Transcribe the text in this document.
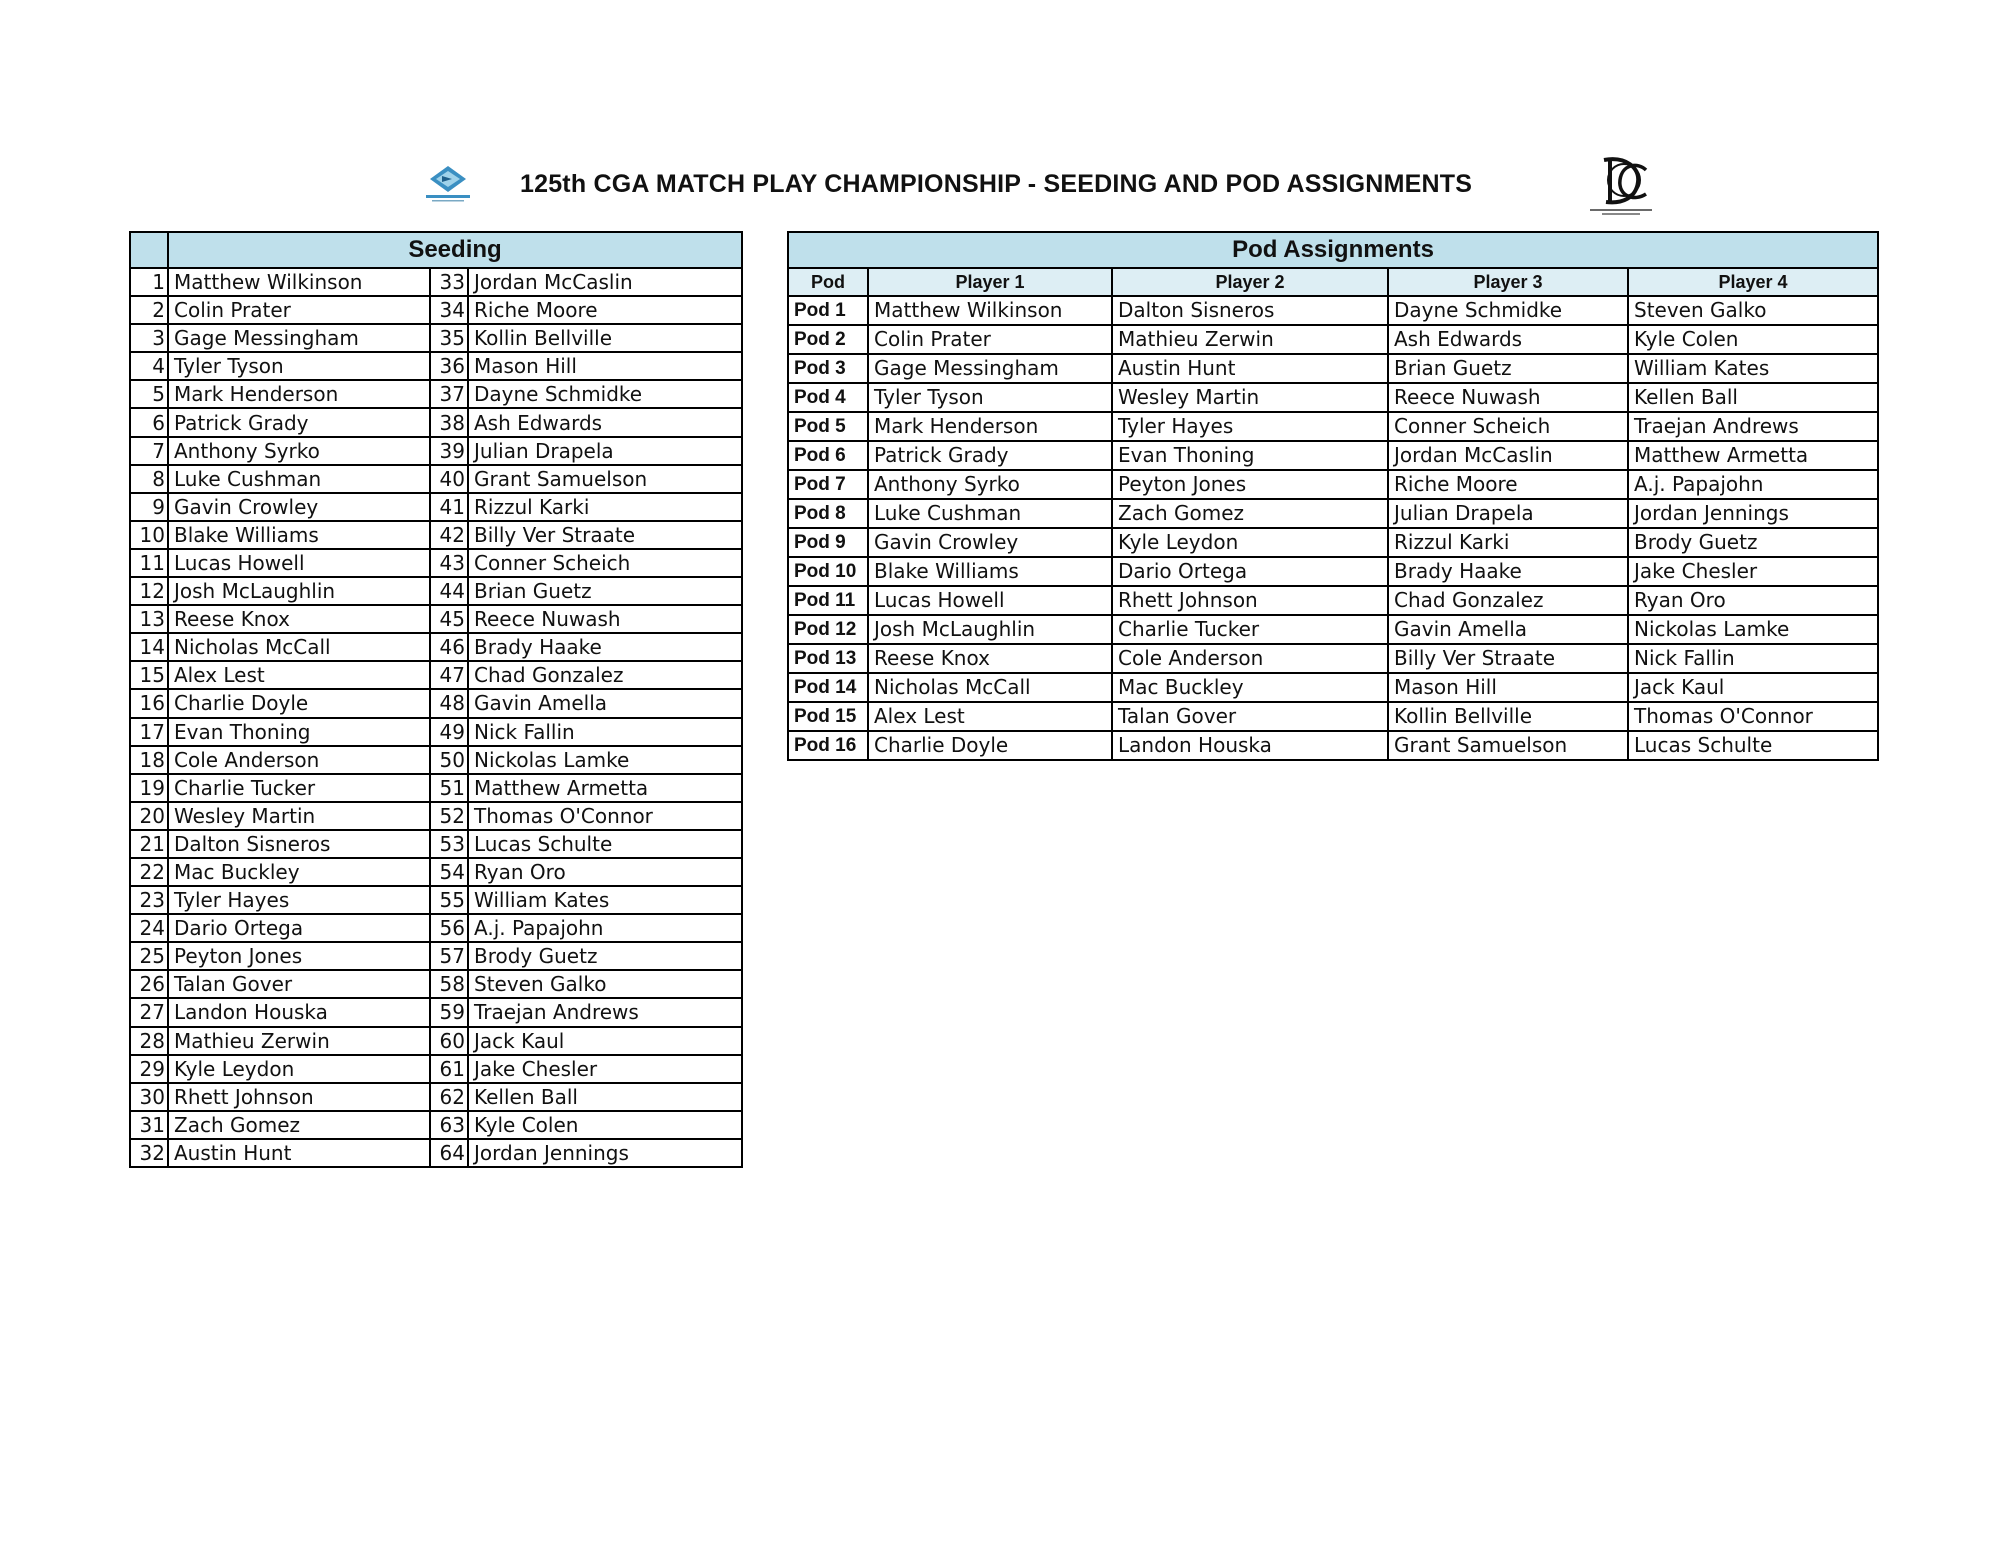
125th CGA MATCH PLAY CHAMPIONSHIP - SEEDING AND POD ASSIGNMENTS
	Seeding		
1	Matthew Wilkinson	33	Jordan McCaslin
2	Colin Prater	34	Riche Moore
3	Gage Messingham	35	Kollin Bellville
4	Tyler Tyson	36	Mason Hill
5	Mark Henderson	37	Dayne Schmidke
6	Patrick Grady	38	Ash Edwards
7	Anthony Syrko	39	Julian Drapela
8	Luke Cushman	40	Grant Samuelson
9	Gavin Crowley	41	Rizzul Karki
10	Blake Williams	42	Billy Ver Straate
11	Lucas Howell	43	Conner Scheich
12	Josh McLaughlin	44	Brian Guetz
13	Reese Knox	45	Reece Nuwash
14	Nicholas McCall	46	Brady Haake
15	Alex Lest	47	Chad Gonzalez
16	Charlie Doyle	48	Gavin Amella
17	Evan Thoning	49	Nick Fallin
18	Cole Anderson	50	Nickolas Lamke
19	Charlie Tucker	51	Matthew Armetta
20	Wesley Martin	52	Thomas O'Connor
21	Dalton Sisneros	53	Lucas Schulte
22	Mac Buckley	54	Ryan Oro
23	Tyler Hayes	55	William Kates
24	Dario Ortega	56	A.j. Papajohn
25	Peyton Jones	57	Brody Guetz
26	Talan Gover	58	Steven Galko
27	Landon Houska	59	Traejan Andrews
28	Mathieu Zerwin	60	Jack Kaul
29	Kyle Leydon	61	Jake Chesler
30	Rhett Johnson	62	Kellen Ball
31	Zach Gomez	63	Kyle Colen
32	Austin Hunt	64	Jordan Jennings
Pod Assignments				
Pod	Player 1	Player 2	Player 3	Player 4
Pod 1	Matthew Wilkinson	Dalton Sisneros	Dayne Schmidke	Steven Galko
Pod 2	Colin Prater	Mathieu Zerwin	Ash Edwards	Kyle Colen
Pod 3	Gage Messingham	Austin Hunt	Brian Guetz	William Kates
Pod 4	Tyler Tyson	Wesley Martin	Reece Nuwash	Kellen Ball
Pod 5	Mark Henderson	Tyler Hayes	Conner Scheich	Traejan Andrews
Pod 6	Patrick Grady	Evan Thoning	Jordan McCaslin	Matthew Armetta
Pod 7	Anthony Syrko	Peyton Jones	Riche Moore	A.j. Papajohn
Pod 8	Luke Cushman	Zach Gomez	Julian Drapela	Jordan Jennings
Pod 9	Gavin Crowley	Kyle Leydon	Rizzul Karki	Brody Guetz
Pod 10	Blake Williams	Dario Ortega	Brady Haake	Jake Chesler
Pod 11	Lucas Howell	Rhett Johnson	Chad Gonzalez	Ryan Oro
Pod 12	Josh McLaughlin	Charlie Tucker	Gavin Amella	Nickolas Lamke
Pod 13	Reese Knox	Cole Anderson	Billy Ver Straate	Nick Fallin
Pod 14	Nicholas McCall	Mac Buckley	Mason Hill	Jack Kaul
Pod 15	Alex Lest	Talan Gover	Kollin Bellville	Thomas O'Connor
Pod 16	Charlie Doyle	Landon Houska	Grant Samuelson	Lucas Schulte
